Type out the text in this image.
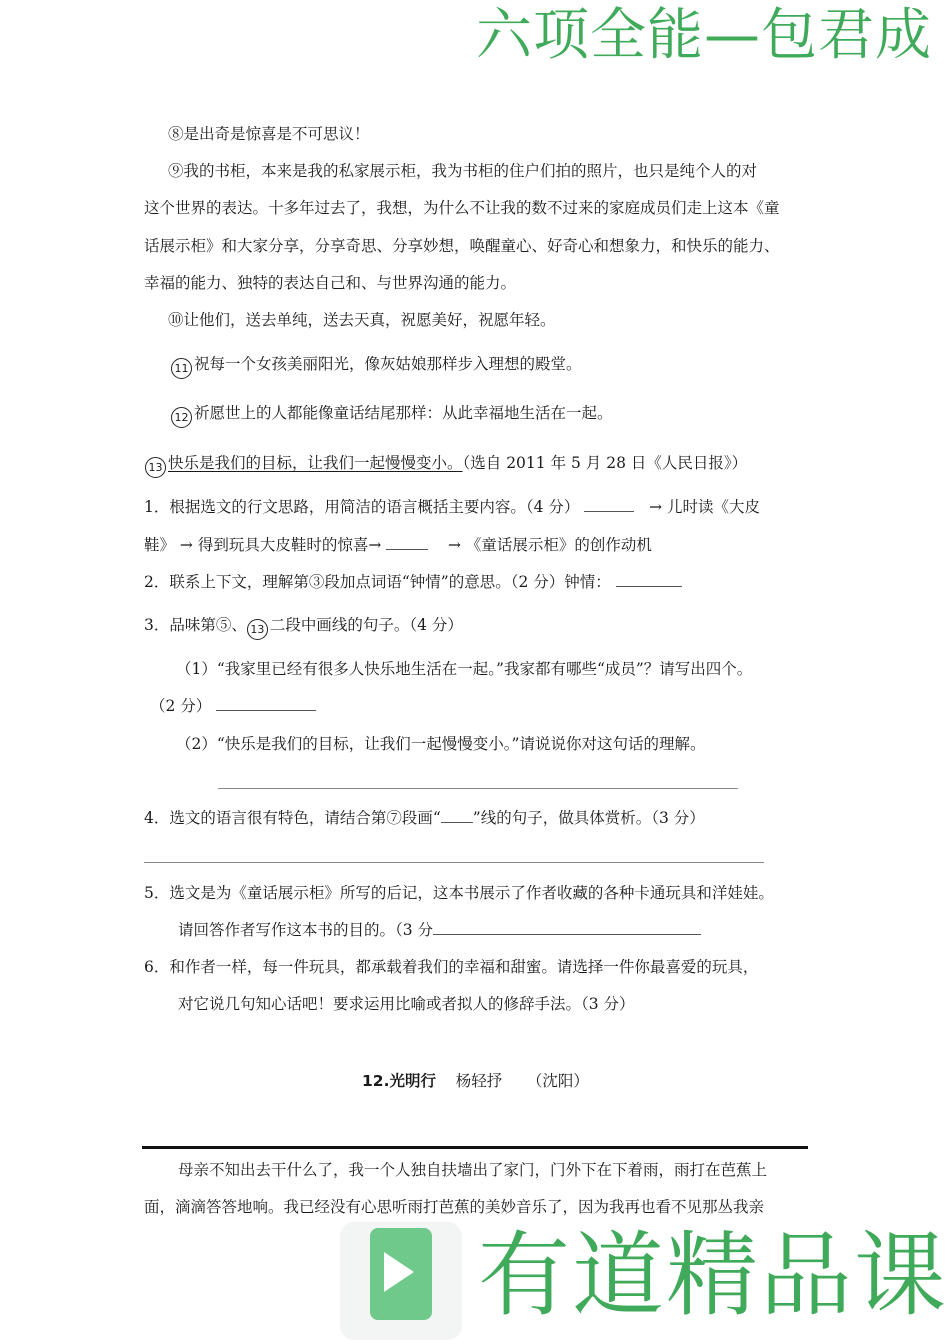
六项全能—包君成
⑧是出奇是惊喜是不可思议！
⑨我的书柜，本来是我的私家展示柜，我为书柜的住户们拍的照片，也只是纯个人的对
这个世界的表达。十多年过去了，我想，为什么不让我的数不过来的家庭成员们走上这本《童
话展示柜》和大家分享，分享奇思、分享妙想，唤醒童心、好奇心和想象力，和快乐的能力、
幸福的能力、独特的表达自己和、与世界沟通的能力。
⑩让他们，送去单纯，送去天真，祝愿美好，祝愿年轻。
11 祝每一个女孩美丽阳光，像灰姑娘那样步入理想的殿堂。
12 祈愿世上的人都能像童话结尾那样：从此幸福地生活在一起。
13 快乐是我们的目标，让我们一起慢慢变小。（选自 2011 年 5 月 28 日《人民日报》）
1．根据选文的行文思路，用简洁的语言概括主要内容。（4 分）	→ 儿时读《大皮
鞋》 → 得到玩具大皮鞋时的惊喜→	→ 《童话展示柜》的创作动机
2．联系上下文，理解第③段加点词语“钟情”的意思。（2 分）钟情：
3．品味第⑤、 13 二段中画线的句子。（4 分）
（1）“我家里已经有很多人快乐地生活在一起。”我家都有哪些“成员”？请写出四个。
（2 分）
（2）“快乐是我们的目标，让我们一起慢慢变小。”请说说你对这句话的理解。
4．选文的语言很有特色，请结合第⑦段画“ ”线的句子，做具体赏析。（3 分）
5．选文是为《童话展示柜》所写的后记，这本书展示了作者收藏的各种卡通玩具和洋娃娃。
请回答作者写作这本书的目的。（3 分
6．和作者一样，每一件玩具，都承载着我们的幸福和甜蜜。请选择一件你最喜爱的玩具，
对它说几句知心话吧！要求运用比喻或者拟人的修辞手法。（3 分）
12.光明行 杨轻抒 （沈阳）
母亲不知出去干什么了，我一个人独自扶墙出了家门，门外下在下着雨，雨打在芭蕉上
面，滴滴答答地响。我已经没有心思听雨打芭蕉的美妙音乐了，因为我再也看不见那丛我亲
有道精品课
